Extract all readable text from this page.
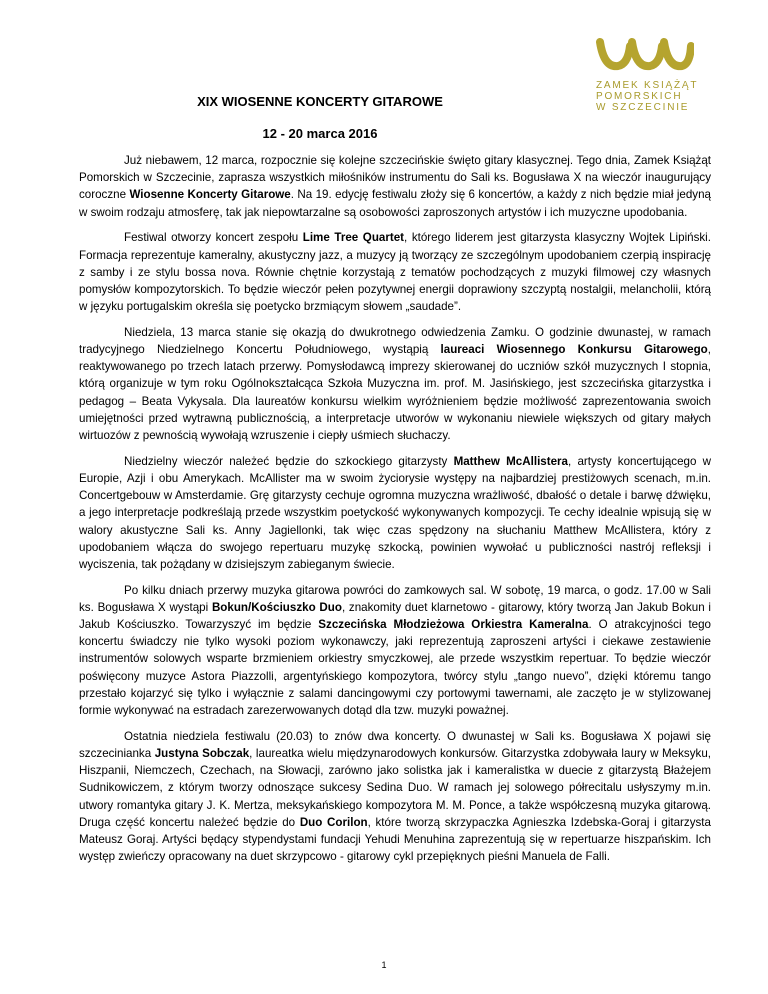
ZAMEK KSIĄŻĄT
POMORSKICH
W SZCZECINIE
XIX WIOSENNE KONCERTY GITAROWE
12 - 20 marca 2016

Już niebawem, 12 marca, rozpocznie się kolejne szczecińskie święto gitary klasycznej. Tego dnia, Zamek Książąt Pomorskich w Szczecinie, zaprasza wszystkich miłośników instrumentu do Sali ks. Bogusława X na wieczór inaugurujący coroczne Wiosenne Koncerty Gitarowe. Na 19. edycję festiwalu złoży się 6 koncertów, a każdy z nich będzie miał jedyną w swoim rodzaju atmosferę, tak jak niepowtarzalne są osobowości zaproszonych artystów i ich muzyczne upodobania.

Festiwal otworzy koncert zespołu Lime Tree Quartet, którego liderem jest gitarzysta klasyczny Wojtek Lipiński. Formacja reprezentuje kameralny, akustyczny jazz, a muzycy ją tworzący ze szczególnym upodobaniem czerpią inspirację z samby i ze stylu bossa nova. Równie chętnie korzystają z tematów pochodzących z muzyki filmowej czy własnych pomysłów kompozytorskich. To będzie wieczór pełen pozytywnej energii doprawiony szczyptą nostalgii, melancholii, którą w języku portugalskim określa się poetycko brzmiącym słowem „saudade”.

Niedziela, 13 marca stanie się okazją do dwukrotnego odwiedzenia Zamku. O godzinie dwunastej, w ramach tradycyjnego Niedzielnego Koncertu Południowego, wystąpią laureaci Wiosennego Konkursu Gitarowego, reaktywowanego po trzech latach przerwy. Pomysłodawcą imprezy skierowanej do uczniów szkół muzycznych I stopnia, którą organizuje w tym roku Ogólnokształcąca Szkoła Muzyczna im. prof. M. Jasińskiego, jest szczecińska gitarzystka i pedagog – Beata Vykysala. Dla laureatów konkursu wielkim wyróżnieniem będzie możliwość zaprezentowania swoich umiejętności przed wytrawną publicznością, a interpretacje utworów w wykonaniu niewiele większych od gitary małych wirtuozów z pewnością wywołają wzruszenie i ciepły uśmiech słuchaczy.

Niedzielny wieczór należeć będzie do szkockiego gitarzysty Matthew McAllistera, artysty koncertującego w Europie, Azji i obu Amerykach. McAllister ma w swoim życiorysie występy na najbardziej prestiżowych scenach, m.in. Concertgebouw w Amsterdamie. Grę gitarzysty cechuje ogromna muzyczna wrażliwość, dbałość o detale i barwę dźwięku, a jego interpretacje podkreślają przede wszystkim poetyckość wykonywanych kompozycji. Te cechy idealnie wpisują się w walory akustyczne Sali ks. Anny Jagiellonki, tak więc czas spędzony na słuchaniu Matthew McAllistera, który z upodobaniem włącza do swojego repertuaru muzykę szkocką, powinien wywołać u publiczności nastrój refleksji i wyciszenia, tak pożądany w dzisiejszym zabieganym świecie.

Po kilku dniach przerwy muzyka gitarowa powróci do zamkowych sal. W sobotę, 19 marca, o godz. 17.00 w Sali ks. Bogusława X wystąpi Bokun/Kościuszko Duo, znakomity duet klarnetowo - gitarowy, który tworzą Jan Jakub Bokun i Jakub Kościuszko. Towarzyszyć im będzie Szczecińska Młodzieżowa Orkiestra Kameralna. O atrakcyjności tego koncertu świadczy nie tylko wysoki poziom wykonawczy, jaki reprezentują zaproszeni artyści i ciekawe zestawienie instrumentów solowych wsparte brzmieniem orkiestry smyczkowej, ale przede wszystkim repertuar. To będzie wieczór poświęcony muzyce Astora Piazzolli, argentyńskiego kompozytora, twórcy stylu „tango nuevo”, dzięki któremu tango przestało kojarzyć się tylko i wyłącznie z salami dancingowymi czy portowymi tawernami, ale zaczęto je w stylizowanej formie wykonywać na estradach zarezerwowanych dotąd dla tzw. muzyki poważnej.

Ostatnia niedziela festiwalu (20.03) to znów dwa koncerty. O dwunastej w Sali ks. Bogusława X pojawi się szczecinianka Justyna Sobczak, laureatka wielu międzynarodowych konkursów. Gitarzystka zdobywała laury w Meksyku, Hiszpanii, Niemczech, Czechach, na Słowacji, zarówno jako solistka jak i kameralistka w duecie z gitarzystą Błażejem Sudnikowiczem, z którym tworzy odnoszące sukcesy Sedina Duo. W ramach jej solowego półrecitalu usłyszymy m.in. utwory romantyka gitary J. K. Mertza, meksykańskiego kompozytora M. M. Ponce, a także współczesną muzyka gitarową. Druga część koncertu należeć będzie do Duo Corilon, które tworzą skrzypaczka Agnieszka Izdebska-Goraj i gitarzysta Mateusz Goraj. Artyści będący stypendystami fundacji Yehudi Menuhina zaprezentują się w repertuarze hiszpańskim. Ich występ zwieńczy opracowany na duet skrzypcowo - gitarowy cykl przepięknych pieśni Manuela de Falli.

1
